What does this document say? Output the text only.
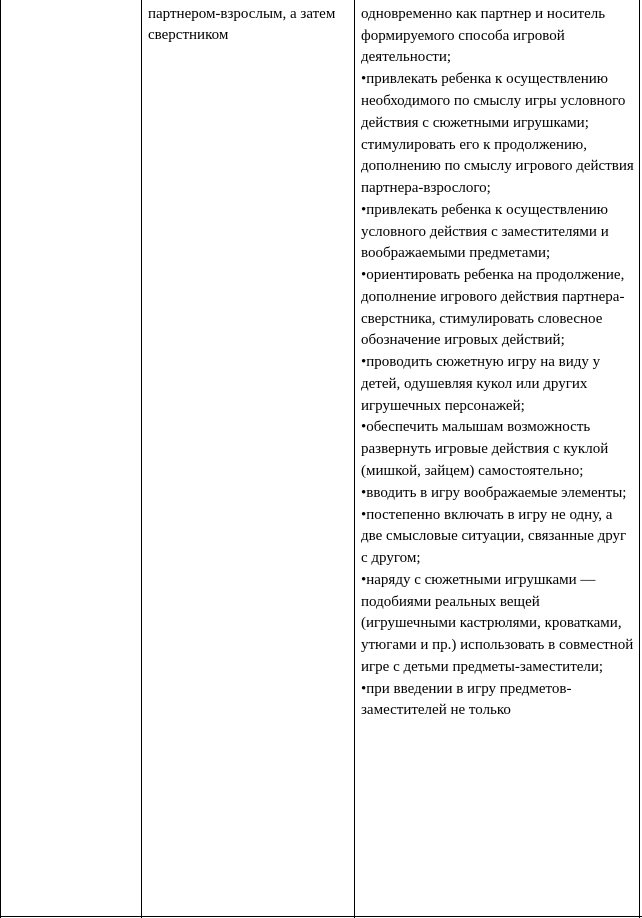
партнером-взрослым, а затем сверстником

одновременно как партнер и носитель формируемого способа игровой деятельности;

•привлекать ребенка к осуществлению необходимого по смыслу игры условного действия с сюжетными игрушками;

стимулировать его к продолжению, дополнению по смыслу игрового действия партнера-взрослого;

•привлекать ребенка к осуществлению условного действия с заместителями и воображаемыми предметами;

•ориентировать ребенка на продолжение, дополнение игрового действия партнера-сверстника, стимулировать словесное обозначение игровых действий;

•проводить сюжетную игру на виду у детей, одушевляя кукол или других игрушечных персонажей;

•обеспечить малышам возможность развернуть игровые действия с куклой (мишкой, зайцем) самостоятельно;

•вводить в игру воображаемые элементы;

•постепенно включать в игру не одну, а две смысловые ситуации, связанные друг с другом;

•наряду с сюжетными игрушками — подобиями реальных вещей (игрушечными кастрюлями, кроватками, утюгами и пр.) использовать в совместной игре с детьми предметы-заместители;

•при введении в игру предметов-заместителей не только
